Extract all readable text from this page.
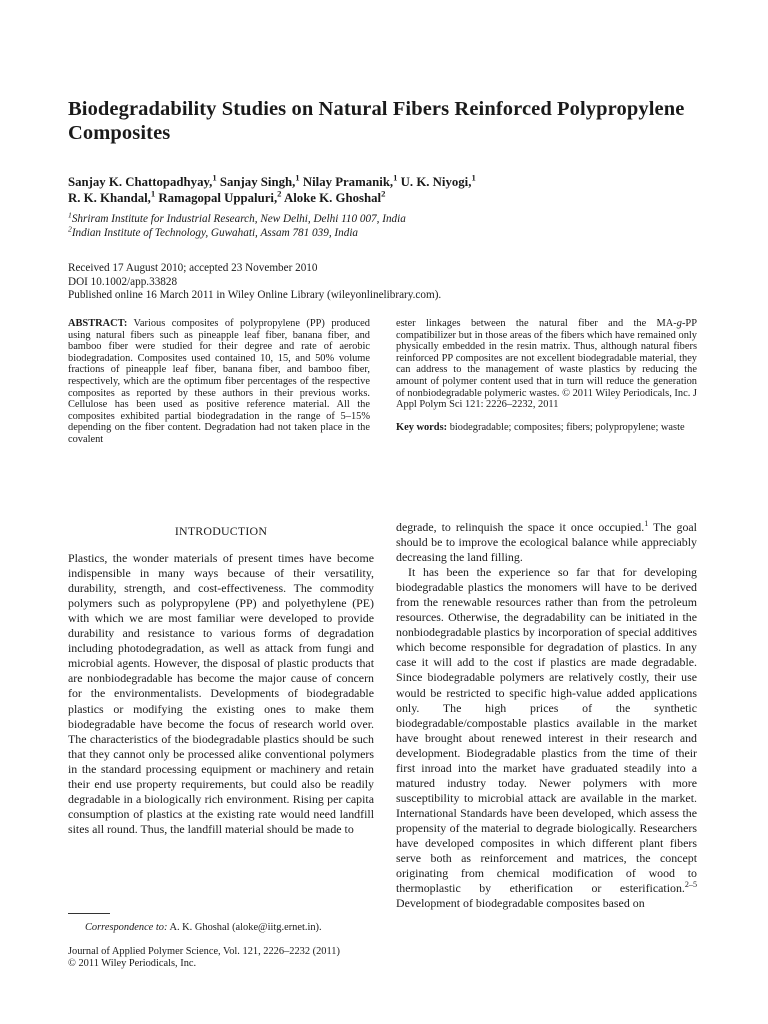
Biodegradability Studies on Natural Fibers Reinforced Polypropylene Composites
Sanjay K. Chattopadhyay,$^1$ Sanjay Singh,$^1$ Nilay Pramanik,$^1$ U. K. Niyogi,$^1$
R. K. Khandal,$^1$ Ramagopal Uppaluri,$^2$ Aloke K. Ghoshal$^2$
$^1$Shriram Institute for Industrial Research, New Delhi, Delhi 110 007, India
$^2$Indian Institute of Technology, Guwahati, Assam 781 039, India
Received 17 August 2010; accepted 23 November 2010
DOI 10.1002/app.33828
Published online 16 March 2011 in Wiley Online Library (wileyonlinelibrary.com).
ABSTRACT: Various composites of polypropylene (PP) produced using natural fibers such as pineapple leaf fiber, banana fiber, and bamboo fiber were studied for their degree and rate of aerobic biodegradation. Composites used contained 10, 15, and 50% volume fractions of pineapple leaf fiber, banana fiber, and bamboo fiber, respectively, which are the optimum fiber percentages of the respective composites as reported by these authors in their previous works. Cellulose has been used as positive reference material. All the composites exhibited partial biodegradation in the range of 5–15% depending on the fiber content. Degradation had not taken place in the covalent
ester linkages between the natural fiber and the MA-g-PP compatibilizer but in those areas of the fibers which have remained only physically embedded in the resin matrix. Thus, although natural fibers reinforced PP composites are not excellent biodegradable material, they can address to the management of waste plastics by reducing the amount of polymer content used that in turn will reduce the generation of nonbiodegradable polymeric wastes. © 2011 Wiley Periodicals, Inc. J Appl Polym Sci 121: 2226–2232, 2011
Key words: biodegradable; composites; fibers; polypropylene; waste
INTRODUCTION

Plastics, the wonder materials of present times have become indispensible in many ways because of their versatility, durability, strength, and cost-effectiveness. The commodity polymers such as polypropylene (PP) and polyethylene (PE) with which we are most familiar were developed to provide durability and resistance to various forms of degradation including photodegradation, as well as attack from fungi and microbial agents. However, the disposal of plastic products that are nonbiodegradable has become the major cause of concern for the environmentalists. Developments of biodegradable plastics or modifying the existing ones to make them biodegradable have become the focus of research world over. The characteristics of the biodegradable plastics should be such that they cannot only be processed alike conventional polymers in the standard processing equipment or machinery and retain their end use property requirements, but could also be readily degradable in a biologically rich environment. Rising per capita consumption of plastics at the existing rate would need landfill sites all round. Thus, the landfill material should be made to

degrade, to relinquish the space it once occupied.$^1$ The goal should be to improve the ecological balance while appreciably decreasing the land filling.

It has been the experience so far that for developing biodegradable plastics the monomers will have to be derived from the renewable resources rather than from the petroleum resources. Otherwise, the degradability can be initiated in the nonbiodegradable plastics by incorporation of special additives which become responsible for degradation of plastics. In any case it will add to the cost if plastics are made degradable. Since biodegradable polymers are relatively costly, their use would be restricted to specific high-value added applications only. The high prices of the synthetic biodegradable/compostable plastics available in the market have brought about renewed interest in their research and development. Biodegradable plastics from the time of their first inroad into the market have graduated steadily into a matured industry today. Newer polymers with more susceptibility to microbial attack are available in the market. International Standards have been developed, which assess the propensity of the material to degrade biologically. Researchers have developed composites in which different plant fibers serve both as reinforcement and matrices, the concept originating from chemical modification of wood to thermoplastic by etherification or esterification.$^{2-5}$ Development of biodegradable composites based on

Correspondence to: A. K. Ghoshal (aloke@iitg.ernet.in).
Journal of Applied Polymer Science, Vol. 121, 2226–2232 (2011)
© 2011 Wiley Periodicals, Inc.
